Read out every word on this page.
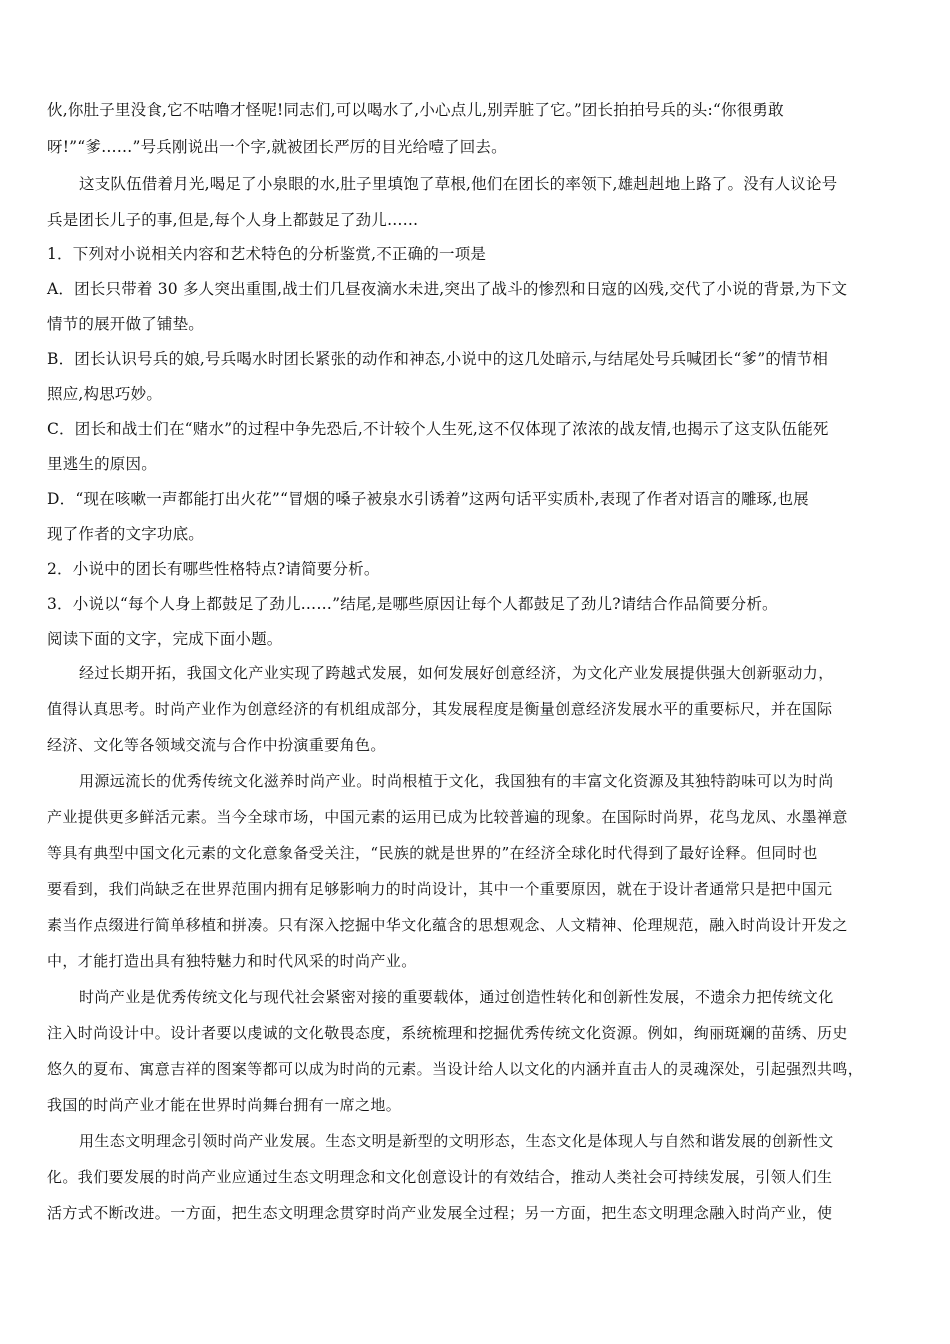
伙,你肚子里没食,它不咕噜才怪呢!同志们,可以喝水了,小心点儿,别弄脏了它。”团长拍拍号兵的头:“你很勇敢
呀!”“爹……”号兵刚说出一个字,就被团长严厉的目光给噎了回去。
这支队伍借着月光,喝足了小泉眼的水,肚子里填饱了草根,他们在团长的率领下,雄赳赳地上路了。没有人议论号
兵是团长儿子的事,但是,每个人身上都鼓足了劲儿……
1．下列对小说相关内容和艺术特色的分析鉴赏,不正确的一项是
A．团长只带着 30 多人突出重围,战士们几昼夜滴水未进,突出了战斗的惨烈和日寇的凶残,交代了小说的背景,为下文
情节的展开做了铺垫。
B．团长认识号兵的娘,号兵喝水时团长紧张的动作和神态,小说中的这几处暗示,与结尾处号兵喊团长“爹”的情节相
照应,构思巧妙。
C．团长和战士们在“赌水”的过程中争先恐后,不计较个人生死,这不仅体现了浓浓的战友情,也揭示了这支队伍能死
里逃生的原因。
D．“现在咳嗽一声都能打出火花”“冒烟的嗓子被泉水引诱着”这两句话平实质朴,表现了作者对语言的雕琢,也展
现了作者的文字功底。
2．小说中的团长有哪些性格特点?请简要分析。
3．小说以“每个人身上都鼓足了劲儿……”结尾,是哪些原因让每个人都鼓足了劲儿?请结合作品简要分析。
阅读下面的文字，完成下面小题。
经过长期开拓，我国文化产业实现了跨越式发展，如何发展好创意经济，为文化产业发展提供强大创新驱动力，
值得认真思考。时尚产业作为创意经济的有机组成部分，其发展程度是衡量创意经济发展水平的重要标尺，并在国际
经济、文化等各领域交流与合作中扮演重要角色。
用源远流长的优秀传统文化滋养时尚产业。时尚根植于文化，我国独有的丰富文化资源及其独特韵味可以为时尚
产业提供更多鲜活元素。当今全球市场，中国元素的运用已成为比较普遍的现象。在国际时尚界，花鸟龙凤、水墨禅意
等具有典型中国文化元素的文化意象备受关注，“民族的就是世界的”在经济全球化时代得到了最好诠释。但同时也
要看到，我们尚缺乏在世界范围内拥有足够影响力的时尚设计，其中一个重要原因，就在于设计者通常只是把中国元
素当作点缀进行简单移植和拼凑。只有深入挖掘中华文化蕴含的思想观念、人文精神、伦理规范，融入时尚设计开发之
中，才能打造出具有独特魅力和时代风采的时尚产业。
时尚产业是优秀传统文化与现代社会紧密对接的重要载体，通过创造性转化和创新性发展，不遗余力把传统文化
注入时尚设计中。设计者要以虔诚的文化敬畏态度，系统梳理和挖掘优秀传统文化资源。例如，绚丽斑斓的苗绣、历史
悠久的夏布、寓意吉祥的图案等都可以成为时尚的元素。当设计给人以文化的内涵并直击人的灵魂深处，引起强烈共鸣，
我国的时尚产业才能在世界时尚舞台拥有一席之地。
用生态文明理念引领时尚产业发展。生态文明是新型的文明形态，生态文化是体现人与自然和谐发展的创新性文
化。我们要发展的时尚产业应通过生态文明理念和文化创意设计的有效结合，推动人类社会可持续发展，引领人们生
活方式不断改进。一方面，把生态文明理念贯穿时尚产业发展全过程；另一方面，把生态文明理念融入时尚产业，使
